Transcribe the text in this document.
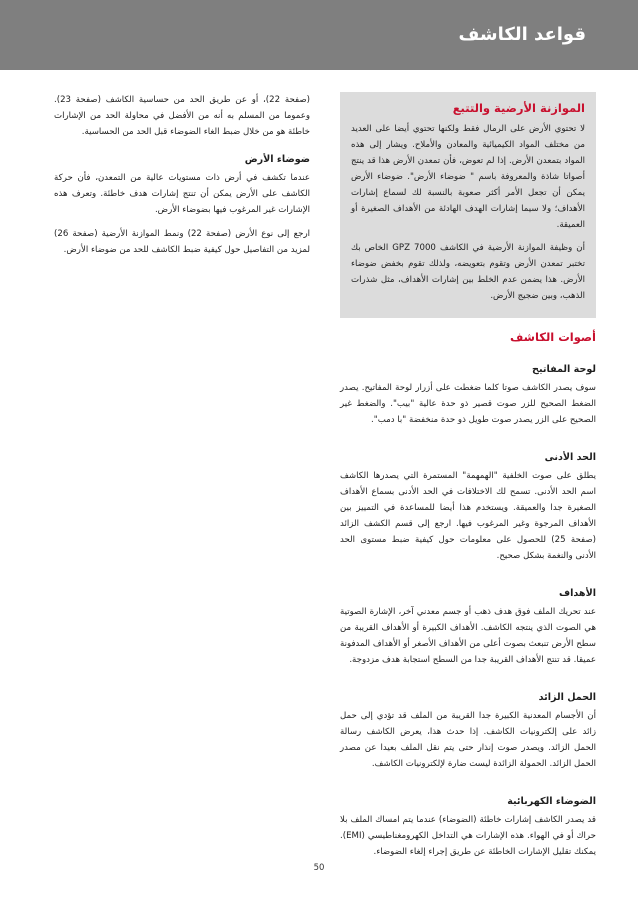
قواعد الكاشف
الموازنة الأرضية والتتبع

لا تحتوي الأرض على الرمال فقط ولكنها تحتوي أيضا على العديد من مختلف المواد الكيميائية والمعادن والأملاح. ويشار إلى هذه المواد بتمعدن الأرض. إذا لم تعوض، فأن تمعدن الأرض هذا قد ينتج أصواتا شاذة والمعروفة باسم " ضوضاء الأرض". ضوضاء الأرض يمكن أن تجعل الأمر أكثر صعوبة بالنسبة لك لسماع إشارات الأهداف؛ ولا سيما إشارات الهدف الهادئة من الأهداف الصغيرة أو العميقة.

أن وظيفة الموازنة الأرضية في الكاشف GPZ 7000 الخاص بك تختبر تمعدن الأرض وتقوم بتعويضه، ولذلك تقوم بخفض ضوضاء الأرض. هذا يضمن عدم الخلط بين إشارات الأهداف، مثل شذرات الذهب، وبين ضجيج الأرض.

أصوات الكاشف
لوحة المفاتيح

سوف يصدر الكاشف صوتا كلما ضغطت على أزرار لوحة المفاتيح. يصدر الضغط الصحيح للزر صوت قصير ذو حدة عالية "بيب". والضغط غير الصحيح على الزر يصدر صوت طويل ذو حدة منخفضة "با دمب".

الحد الأدنى

يطلق على صوت الخلفية "الهمهمة" المستمرة التي يصدرها الكاشف اسم الحد الأدنى. تسمح لك الاختلافات في الحد الأدنى بسماع الأهداف الصغيرة جدا والعميقة. ويستخدم هذا أيضا للمساعدة في التمييز بين الأهداف المرجوة وغير المرغوب فيها. ارجع إلى قسم الكشف الزائد (صفحة 25) للحصول على معلومات حول كيفية ضبط مستوى الحد الأدنى والنغمة بشكل صحيح.

الأهداف

عند تحريك الملف فوق هدف ذهب أو جسم معدني آخر، الإشارة الصوتية هي الصوت الذي ينتجه الكاشف. الأهداف الكبيرة أو الأهداف القريبة من سطح الأرض تنبعث بصوت أعلى من الأهداف الأصغر أو الأهداف المدفونة عميقا. قد تنتج الأهداف القريبة جدا من السطح استجابة هدف مزدوجة.

الحمل الزائد

أن الأجسام المعدنية الكبيرة جدا القريبة من الملف قد تؤدي إلى حمل زائد على إلكترونيات الكاشف. إذا حدث هذا، يعرض الكاشف رسالة الحمل الزائد. ويصدر صوت إنذار حتى يتم نقل الملف بعيدا عن مصدر الحمل الزائد. الحمولة الزائدة ليست ضارة لإلكترونيات الكاشف.

الضوضاء الكهربائية

قد يصدر الكاشف إشارات خاطئة (الضوضاء) عندما يتم امساك الملف بلا حراك أو في الهواء. هذه الإشارات هي التداخل الكهرومغناطيسي (EMI). يمكنك تقليل الإشارات الخاطئة عن طريق إجراء إلغاء الضوضاء.

(صفحة 22)، أو عن طريق الحد من حساسية الكاشف (صفحة 23). وعموما من المسلم به أنه من الأفضل في محاولة الحد من الإشارات خاطئة هو من خلال ضبط الغاء الضوضاء قبل الحد من الحساسية.

ضوضاء الأرض

عندما تكشف في أرض ذات مستويات عالية من التمعدن، فأن حركة الكاشف على الأرض يمكن أن تنتج إشارات هدف خاطئة. وتعرف هذه الإشارات غير المرغوب فيها بضوضاء الأرض.

ارجع إلى نوع الأرض (صفحة 22) ونمط الموازنة الأرضية (صفحة 26) لمزيد من التفاصيل حول كيفية ضبط الكاشف للحد من ضوضاء الأرض.

50
